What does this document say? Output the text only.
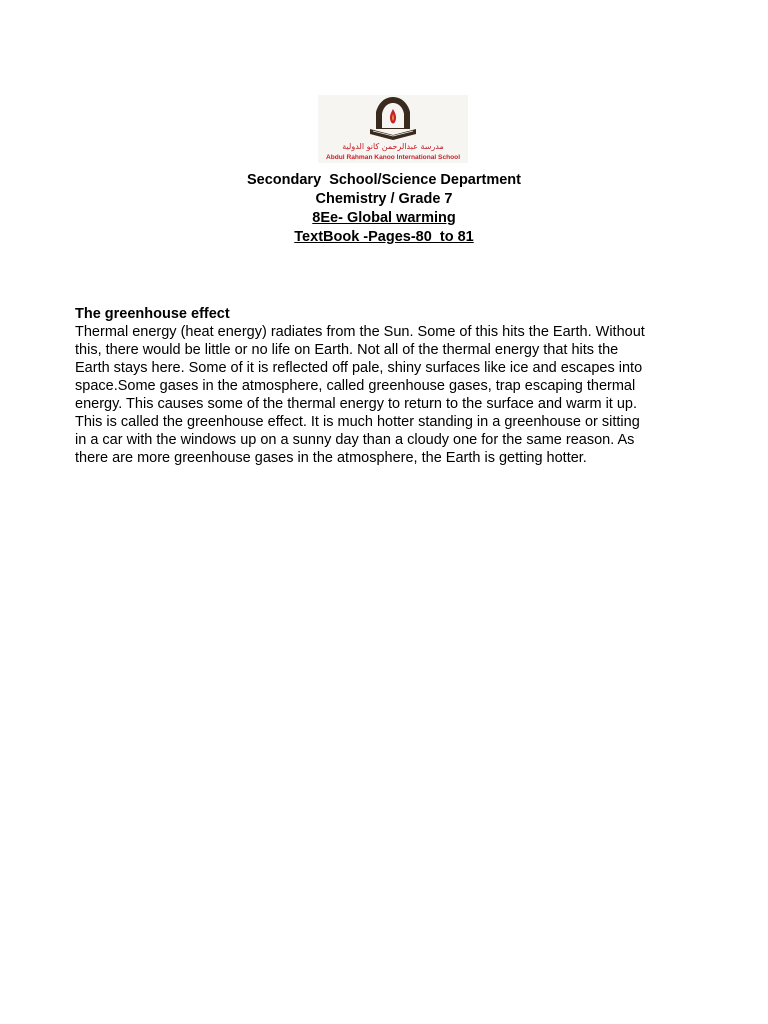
مدرسة عبدالرحمن كانو الدولية
Abdul Rahman Kanoo International School
Secondary  School/Science Department
Chemistry / Grade 7
8Ee- Global warming
TextBook -Pages-80  to 81
The greenhouse effect
Thermal energy (heat energy) radiates from the Sun. Some of this hits the Earth. Without
this, there would be little or no life on Earth. Not all of the thermal energy that hits the
Earth stays here. Some of it is reflected off pale, shiny surfaces like ice and escapes into
space.Some gases in the atmosphere, called greenhouse gases, trap escaping thermal
energy. This causes some of the thermal energy to return to the surface and warm it up.
This is called the greenhouse effect. It is much hotter standing in a greenhouse or sitting
in a car with the windows up on a sunny day than a cloudy one for the same reason. As
there are more greenhouse gases in the atmosphere, the Earth is getting hotter.
